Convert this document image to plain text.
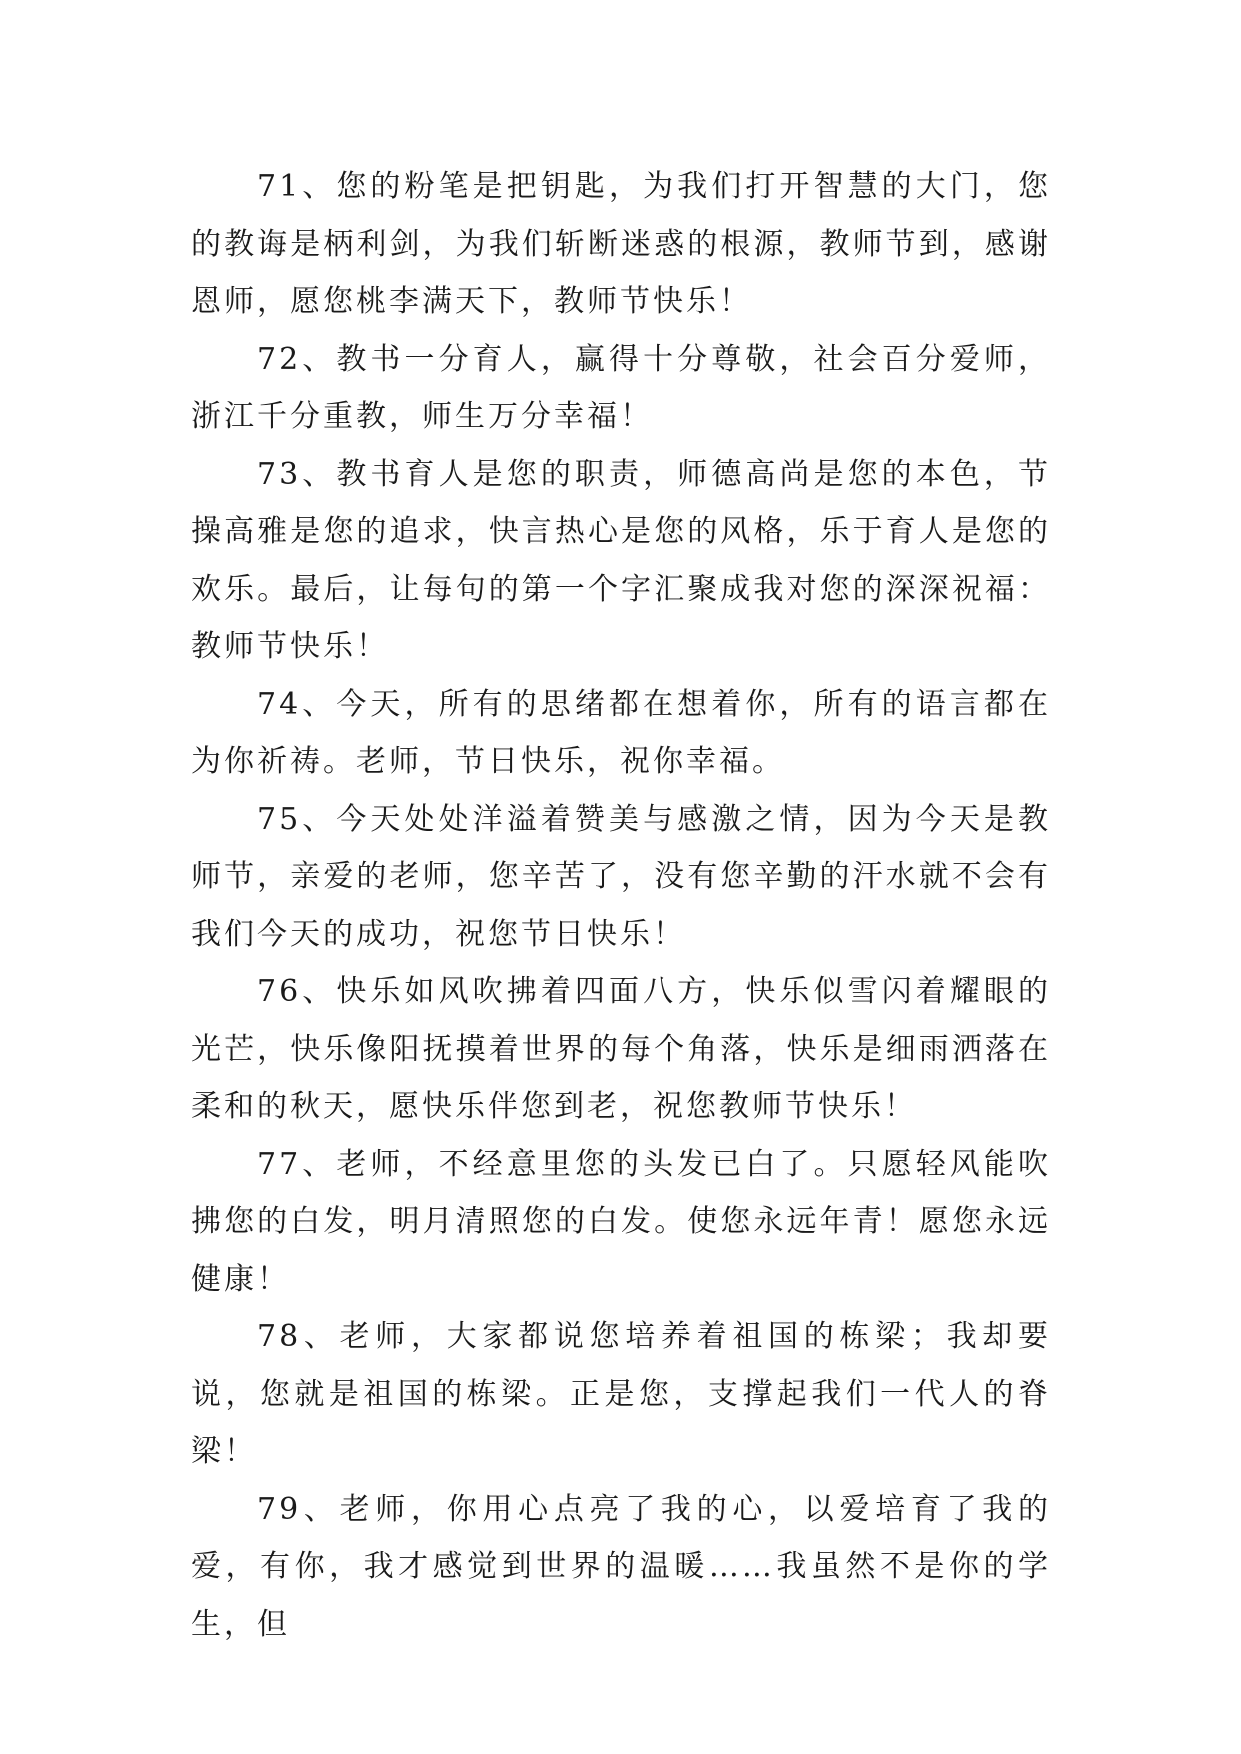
71、您的粉笔是把钥匙，为我们打开智慧的大门，您的教诲是柄利剑，为我们斩断迷惑的根源，教师节到，感谢恩师，愿您桃李满天下，教师节快乐！

72、教书一分育人，赢得十分尊敬，社会百分爱师，浙江千分重教，师生万分幸福！

73、教书育人是您的职责，师德高尚是您的本色，节操高雅是您的追求，快言热心是您的风格，乐于育人是您的欢乐。最后，让每句的第一个字汇聚成我对您的深深祝福：教师节快乐！

74、今天，所有的思绪都在想着你，所有的语言都在为你祈祷。老师，节日快乐，祝你幸福。

75、今天处处洋溢着赞美与感激之情，因为今天是教师节，亲爱的老师，您辛苦了，没有您辛勤的汗水就不会有我们今天的成功，祝您节日快乐！

76、快乐如风吹拂着四面八方，快乐似雪闪着耀眼的光芒，快乐像阳抚摸着世界的每个角落，快乐是细雨洒落在柔和的秋天，愿快乐伴您到老，祝您教师节快乐！

77、老师，不经意里您的头发已白了。只愿轻风能吹拂您的白发，明月清照您的白发。使您永远年青！愿您永远健康！

78、老师，大家都说您培养着祖国的栋梁；我却要说，您就是祖国的栋梁。正是您，支撑起我们一代人的脊梁！

79、老师，你用心点亮了我的心，以爱培育了我的爱，有你，我才感觉到世界的温暖……我虽然不是你的学生，但
